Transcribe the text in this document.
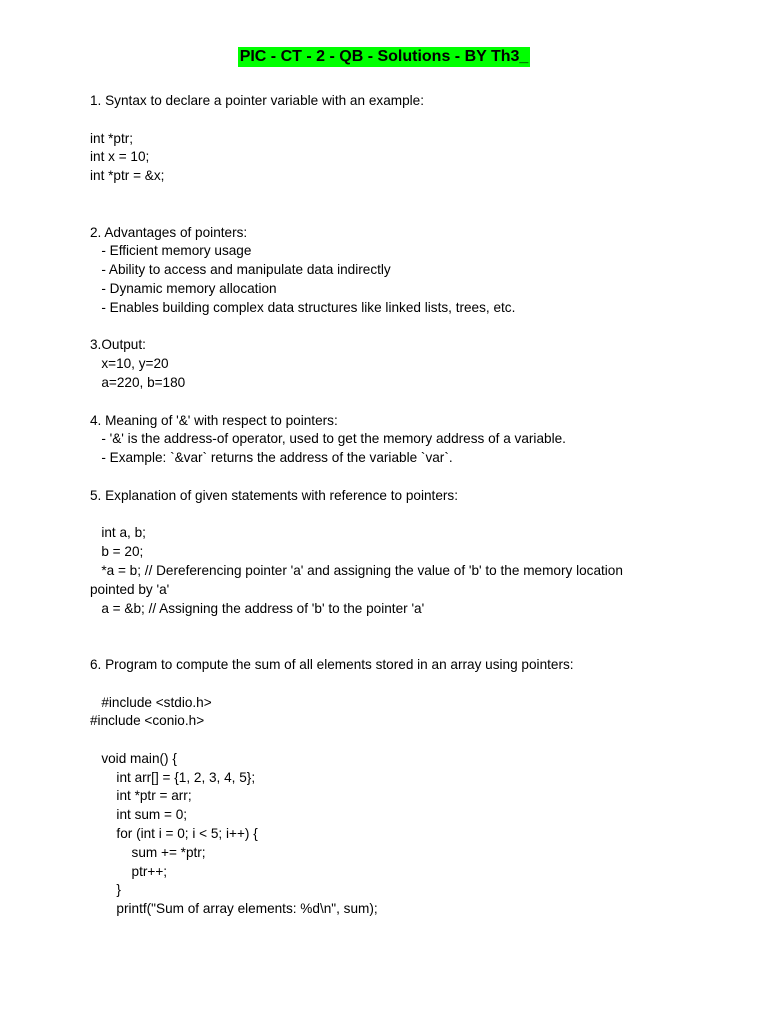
PIC - CT - 2 - QB - Solutions - BY Th3_
1. Syntax to declare a pointer variable with an example:
int *ptr;
int x = 10;
int *ptr = &x;
2. Advantages of pointers:
- Efficient memory usage
- Ability to access and manipulate data indirectly
- Dynamic memory allocation
- Enables building complex data structures like linked lists, trees, etc.
3.Output:
x=10, y=20
a=220, b=180
4. Meaning of '&' with respect to pointers:
- '&' is the address-of operator, used to get the memory address of a variable.
- Example: `&var` returns the address of the variable `var`.
5. Explanation of given statements with reference to pointers:
int a, b;
b = 20;
*a = b; // Dereferencing pointer 'a' and assigning the value of 'b' to the memory location
pointed by 'a'
a = &b; // Assigning the address of 'b' to the pointer 'a'
6. Program to compute the sum of all elements stored in an array using pointers:
#include <stdio.h>
#include <conio.h>
void main() {
int arr[] = {1, 2, 3, 4, 5};
int *ptr = arr;
int sum = 0;
for (int i = 0; i < 5; i++) {
sum += *ptr;
ptr++;
}
printf("Sum of array elements: %d\n", sum);
